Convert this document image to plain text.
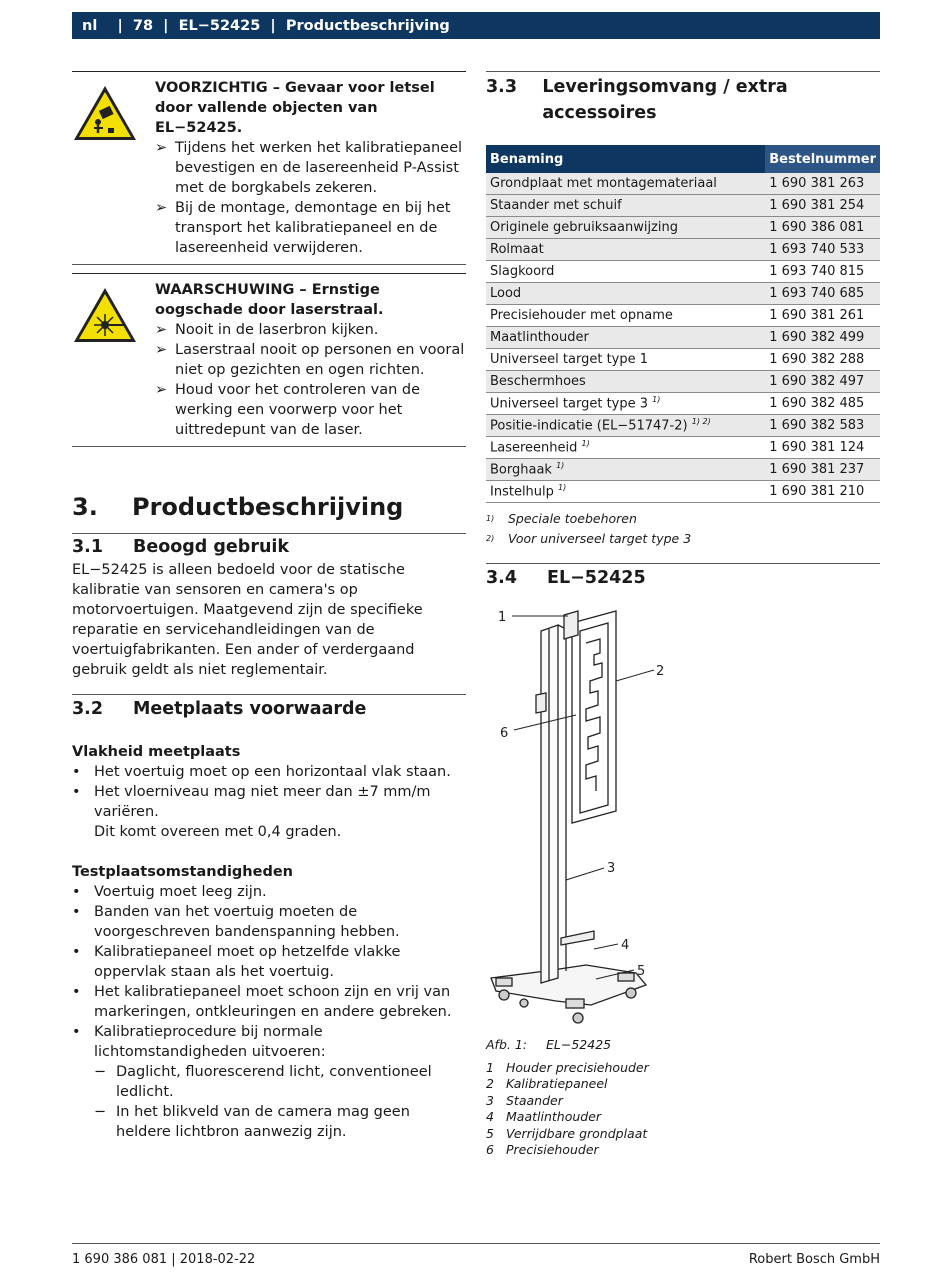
nl | 78 | EL−52425 | Productbeschrijving
VOORZICHTIG – Gevaar voor letsel door vallende objecten van EL−52425.
➢ Tijdens het werken het kalibratiepaneel bevestigen en de lasereenheid P-Assist met de borgkabels zekeren.
➢ Bij de montage, demontage en bij het transport het kalibratiepaneel en de lasereenheid verwijderen.
WAARSCHUWING – Ernstige oogschade door laserstraal.
➢ Nooit in de laserbron kijken.
➢ Laserstraal nooit op personen en vooral niet op gezichten en ogen richten.
➢ Houd voor het controleren van de werking een voorwerp voor het uittredepunt van de laser.
3.	Productbeschrijving
3.1	Beoogd gebruik

EL−52425 is alleen bedoeld voor de statische kalibratie van sensoren en camera's op motorvoertuigen. Maatgevend zijn de specifieke reparatie en servicehandleidingen van de voertuigfabrikanten. Een ander of verdergaand gebruik geldt als niet reglementair.

3.2	Meetplaats voorwaarde
Vlakheid meetplaats
• Het voertuig moet op een horizontaal vlak staan.
• Het vloerniveau mag niet meer dan ±7 mm/m variëren.
Dit komt overeen met 0,4 graden.
Testplaatsomstandigheden
• Voertuig moet leeg zijn.
• Banden van het voertuig moeten de voorgeschreven bandenspanning hebben.
• Kalibratiepaneel moet op hetzelfde vlakke oppervlak staan als het voertuig.
• Het kalibratiepaneel moet schoon zijn en vrij van markeringen, ontkleuringen en andere gebreken.
• Kalibratieprocedure bij normale lichtomstandigheden uitvoeren:
− Daglicht, fluorescerend licht, conventioneel ledlicht.
− In het blikveld van de camera mag geen heldere lichtbron aanwezig zijn.
3.3	Leveringsomvang / extra accessoires
Benaming	Bestelnummer
Grondplaat met montagemateriaal	1 690 381 263
Staander met schuif	1 690 381 254
Originele gebruiksaanwijzing	1 690 386 081
Rolmaat	1 693 740 533
Slagkoord	1 693 740 815
Lood	1 693 740 685
Precisiehouder met opname	1 690 381 261
Maatlinthouder	1 690 382 499
Universeel target type 1	1 690 382 288
Beschermhoes	1 690 382 497
Universeel target type 3 $^{1)}$	1 690 382 485
Positie-indicatie (EL−51747-2) $^{1) 2)}$	1 690 382 583
Lasereenheid $^{1)}$	1 690 381 124
Borghaak $^{1)}$	1 690 381 237
Instelhulp $^{1)}$	1 690 381 210
1)	Speciale toebehoren
2)	Voor universeel target type 3
3.4	EL−52425
1
2
6
3
4
5
Afb. 1: EL−52425
1 Houder precisiehouder
2 Kalibratiepaneel
3 Staander
4 Maatlinthouder
5 Verrijdbare grondplaat
6 Precisiehouder
1 690 386 081 | 2018-02-22	Robert Bosch GmbH
